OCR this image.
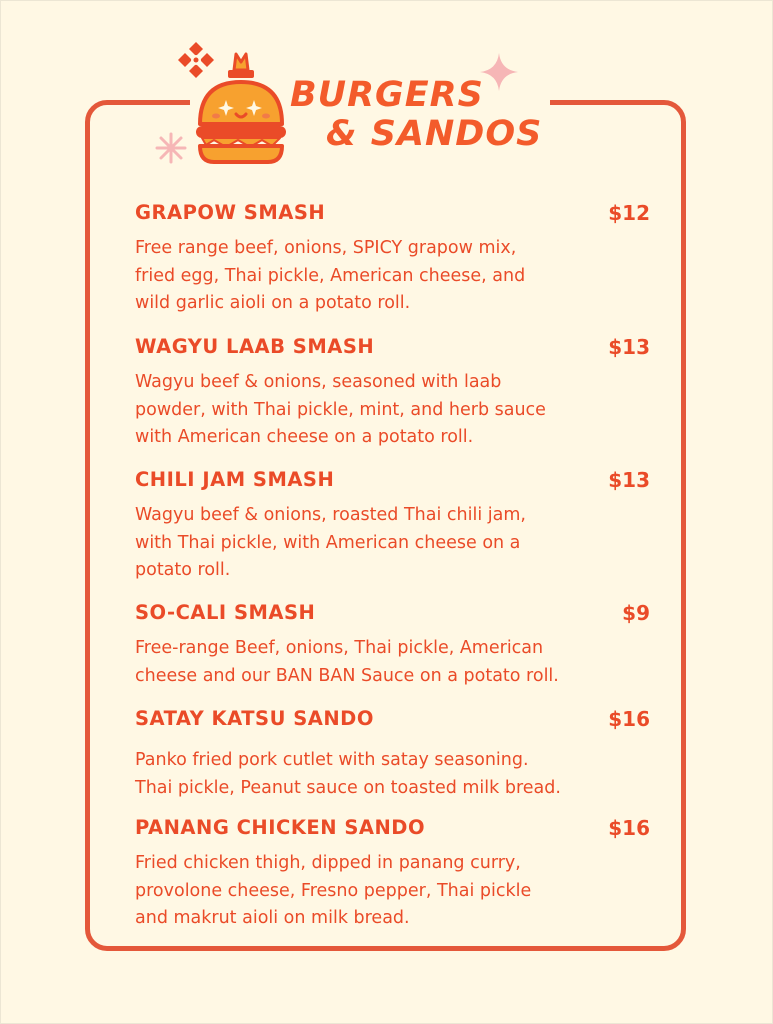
BURGERS
& SANDOS
GRAPOW SMASH	$12
Free range beef, onions, SPICY grapow mix,
fried egg, Thai pickle, American cheese, and
wild garlic aioli on a potato roll.
WAGYU LAAB SMASH	$13
Wagyu beef & onions, seasoned with laab
powder, with Thai pickle, mint, and herb sauce
with American cheese on a potato roll.
CHILI JAM SMASH	$13
Wagyu beef & onions, roasted Thai chili jam,
with Thai pickle, with American cheese on a
potato roll.
SO-CALI SMASH	$9
Free-range Beef, onions, Thai pickle, American
cheese and our BAN BAN Sauce on a potato roll.
SATAY KATSU SANDO	$16
Panko fried pork cutlet with satay seasoning.
Thai pickle, Peanut sauce on toasted milk bread.
PANANG CHICKEN SANDO	$16
Fried chicken thigh, dipped in panang curry,
provolone cheese, Fresno pepper, Thai pickle
and makrut aioli on milk bread.
